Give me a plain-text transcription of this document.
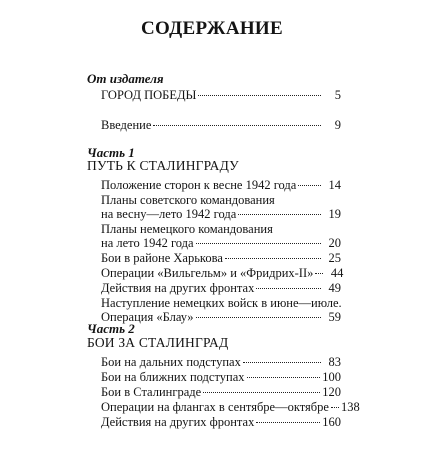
СОДЕРЖАНИЕ
От издателя
ГОРОД ПОБЕДЫ	5
Введение	9
Часть 1
ПУТЬ К СТАЛИНГРАДУ
Положение сторон к весне 1942 года	14
Планы советского командования
на весну—лето 1942 года	19
Планы немецкого командования
на лето 1942 года	20
Бои в районе Харькова	25
Операции «Вильгельм» и «Фридрих-II»	44
Действия на других фронтах	49
Наступление немецких войск в июне—июле.
Операция «Блау»	59
Часть 2
БОИ ЗА СТАЛИНГРАД
Бои на дальних подступах	83
Бои на ближних подступах	100
Бои в Сталинграде	120
Операции на флангах в сентябре—октябре 138
Действия на других фронтах	160
